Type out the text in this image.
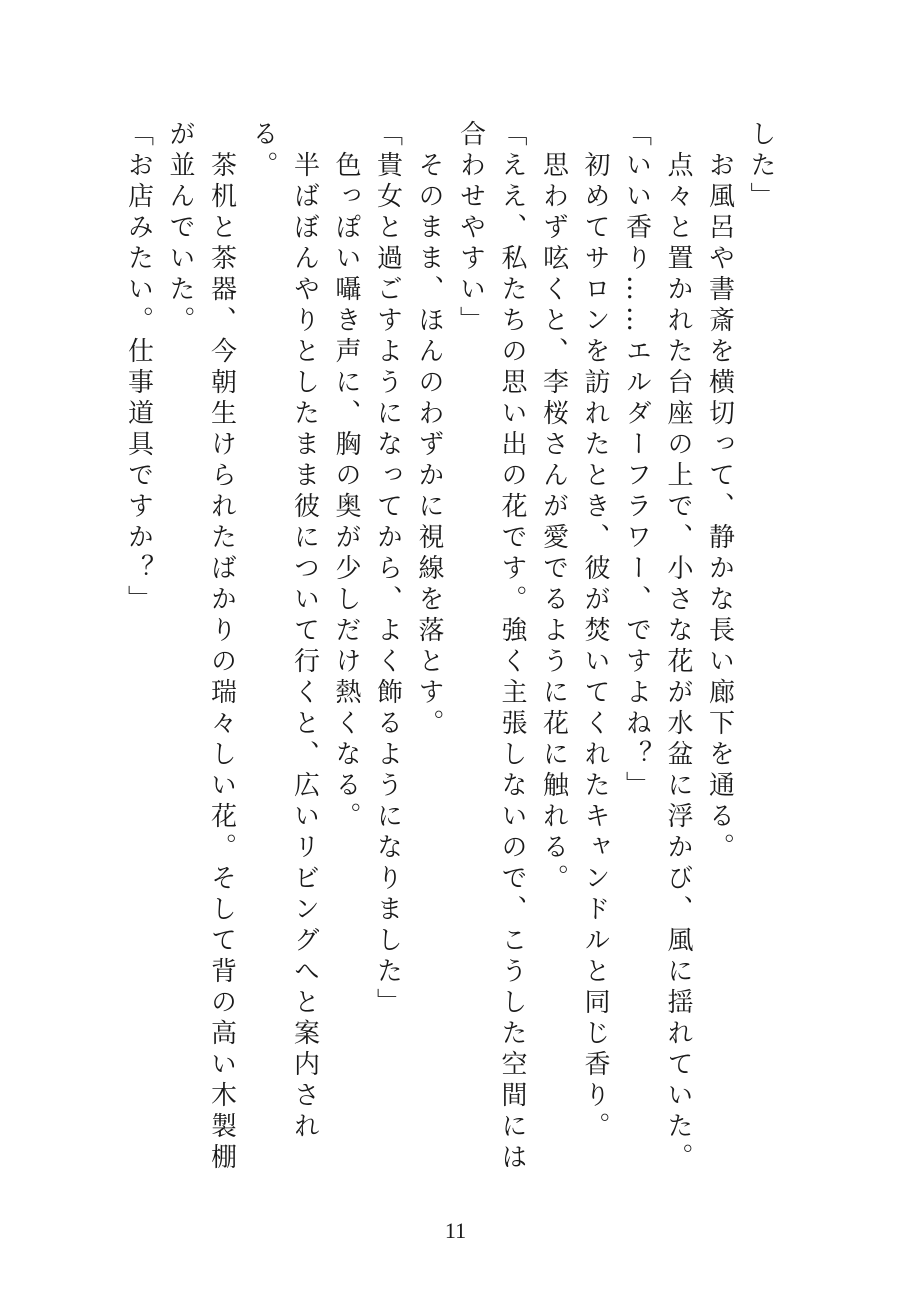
した」
　お風呂や書斎を横切って、静かな長い廊下を通る。
　点々と置かれた台座の上で、小さな花が水盆に浮かび、風に揺れていた。
「いい香り……エルダーフラワー、ですよね？」
　初めてサロンを訪れたとき、彼が焚いてくれたキャンドルと同じ香り。
　思わず呟くと、李桜さんが愛でるように花に触れる。
「ええ、私たちの思い出の花です。強く主張しないので、こうした空間には
合わせやすい」
　そのまま、ほんのわずかに視線を落とす。
「貴女と過ごすようになってから、よく飾るようになりました」
　色っぽい囁き声に、胸の奥が少しだけ熱くなる。
　半ばぼんやりとしたまま彼について行くと、広いリビングへと案内され
る。
　茶机と茶器、今朝生けられたばかりの瑞々しい花。そして背の高い木製棚
が並んでいた。
「お店みたい。仕事道具ですか？」
11
